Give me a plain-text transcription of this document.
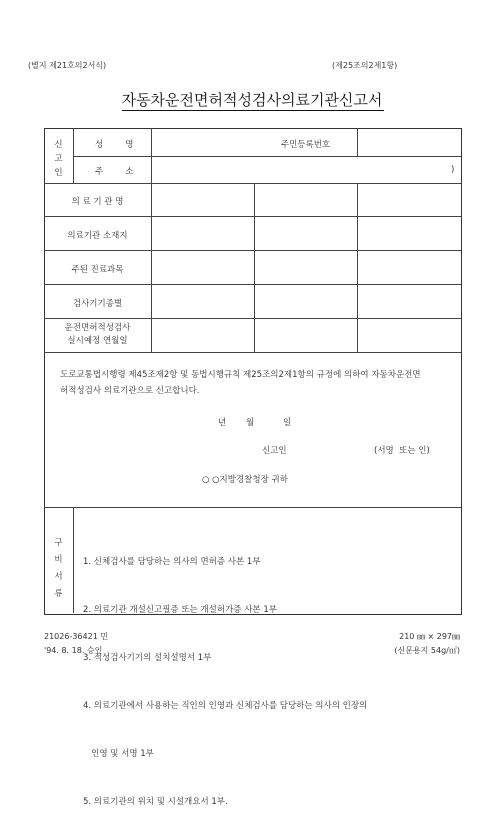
(별지 제21호의2서식)	(제25조의2제1항)
자동차운전면허적성검사의료기관신고서
신
고
인
성	명	주민등록번호
주	소	)
의 료 기 관 명
의료기관 소재지
주된 진료과목
검사기기종별
운전면허적성검사
실시예정 연월일
도로교통법시행령 제45조제2항 및 동법시행규칙 제25조의2제1항의 규정에 의하여 자동차운전면
허적성검사 의료기관으로 신고합니다.
년 월	일
신고인	(서명  또는 인)
○ ○지방경찰청장 귀하
구
비
서
류

1. 신체검사를 담당하는 의사의 면허증 사본 1부

2. 의료기관 개설신고필증 또는 개설허가증 사본 1부

3. 적성검사기기의 설치설명서 1부

4. 의료기관에서 사용하는 직인의 인영과 신체검사를 담당하는 의사의 인장의

인영 및 서명 1부

5. 의료기관의 위치 및 시설개요서 1부.

21026-36421 민
'94. 8. 18. 승인
210 ㎜ × 297㎜
(신문용지 54g/㎡)
